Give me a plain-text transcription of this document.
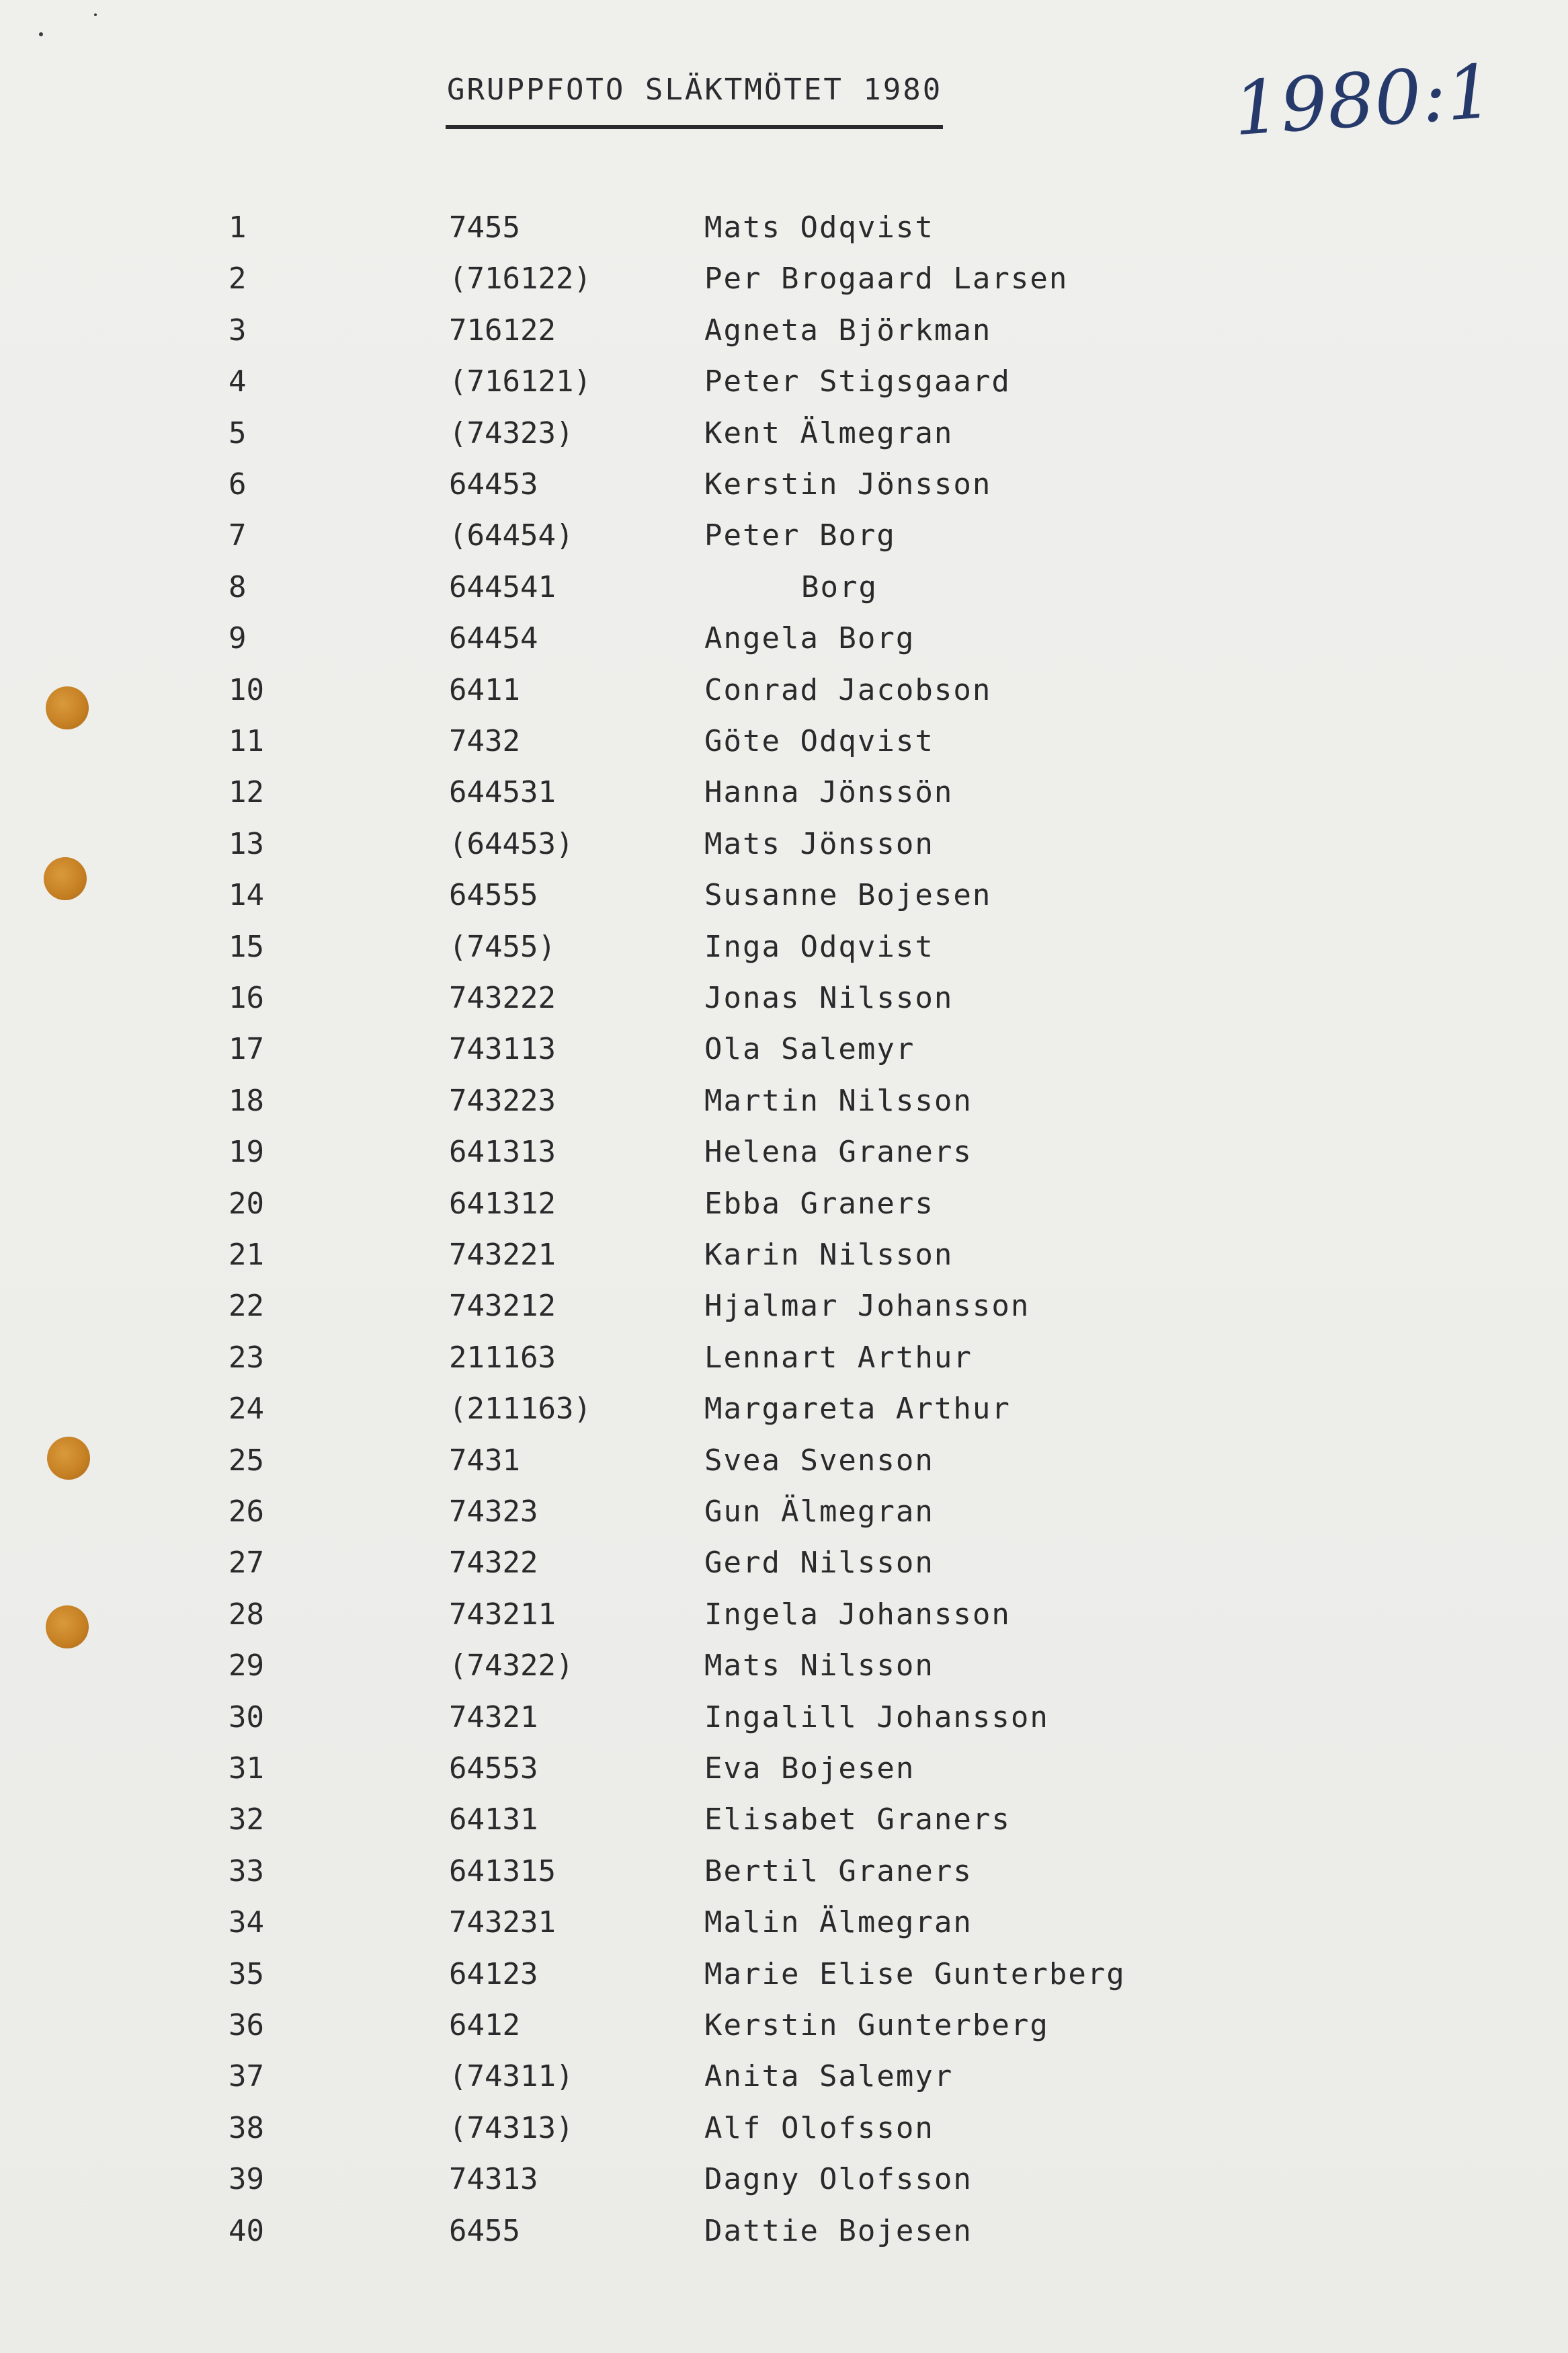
GRUPPFOTO SLÄKTMÖTET 1980	1980:1
1	7455	Mats Odqvist
2	(716122)	Per Brogaard Larsen
3	716122	Agneta Björkman
4	(716121)	Peter Stigsgaard
5	(74323)	Kent Älmegran
6	64453	Kerstin Jönsson
7	(64454)	Peter Borg
8	644541	Borg
9	64454	Angela Borg
10	6411	Conrad Jacobson
11	7432	Göte Odqvist
12	644531	Hanna Jönssön
13	(64453)	Mats Jönsson
14	64555	Susanne Bojesen
15	(7455)	Inga Odqvist
16	743222	Jonas Nilsson
17	743113	Ola Salemyr
18	743223	Martin Nilsson
19	641313	Helena Graners
20	641312	Ebba Graners
21	743221	Karin Nilsson
22	743212	Hjalmar Johansson
23	211163	Lennart Arthur
24	(211163)	Margareta Arthur
25	7431	Svea Svenson
26	74323	Gun Älmegran
27	74322	Gerd Nilsson
28	743211	Ingela Johansson
29	(74322)	Mats Nilsson
30	74321	Ingalill Johansson
31	64553	Eva Bojesen
32	64131	Elisabet Graners
33	641315	Bertil Graners
34	743231	Malin Älmegran
35	64123	Marie Elise Gunterberg
36	6412	Kerstin Gunterberg
37	(74311)	Anita Salemyr
38	(74313)	Alf Olofsson
39	74313	Dagny Olofsson
40	6455	Dattie Bojesen
